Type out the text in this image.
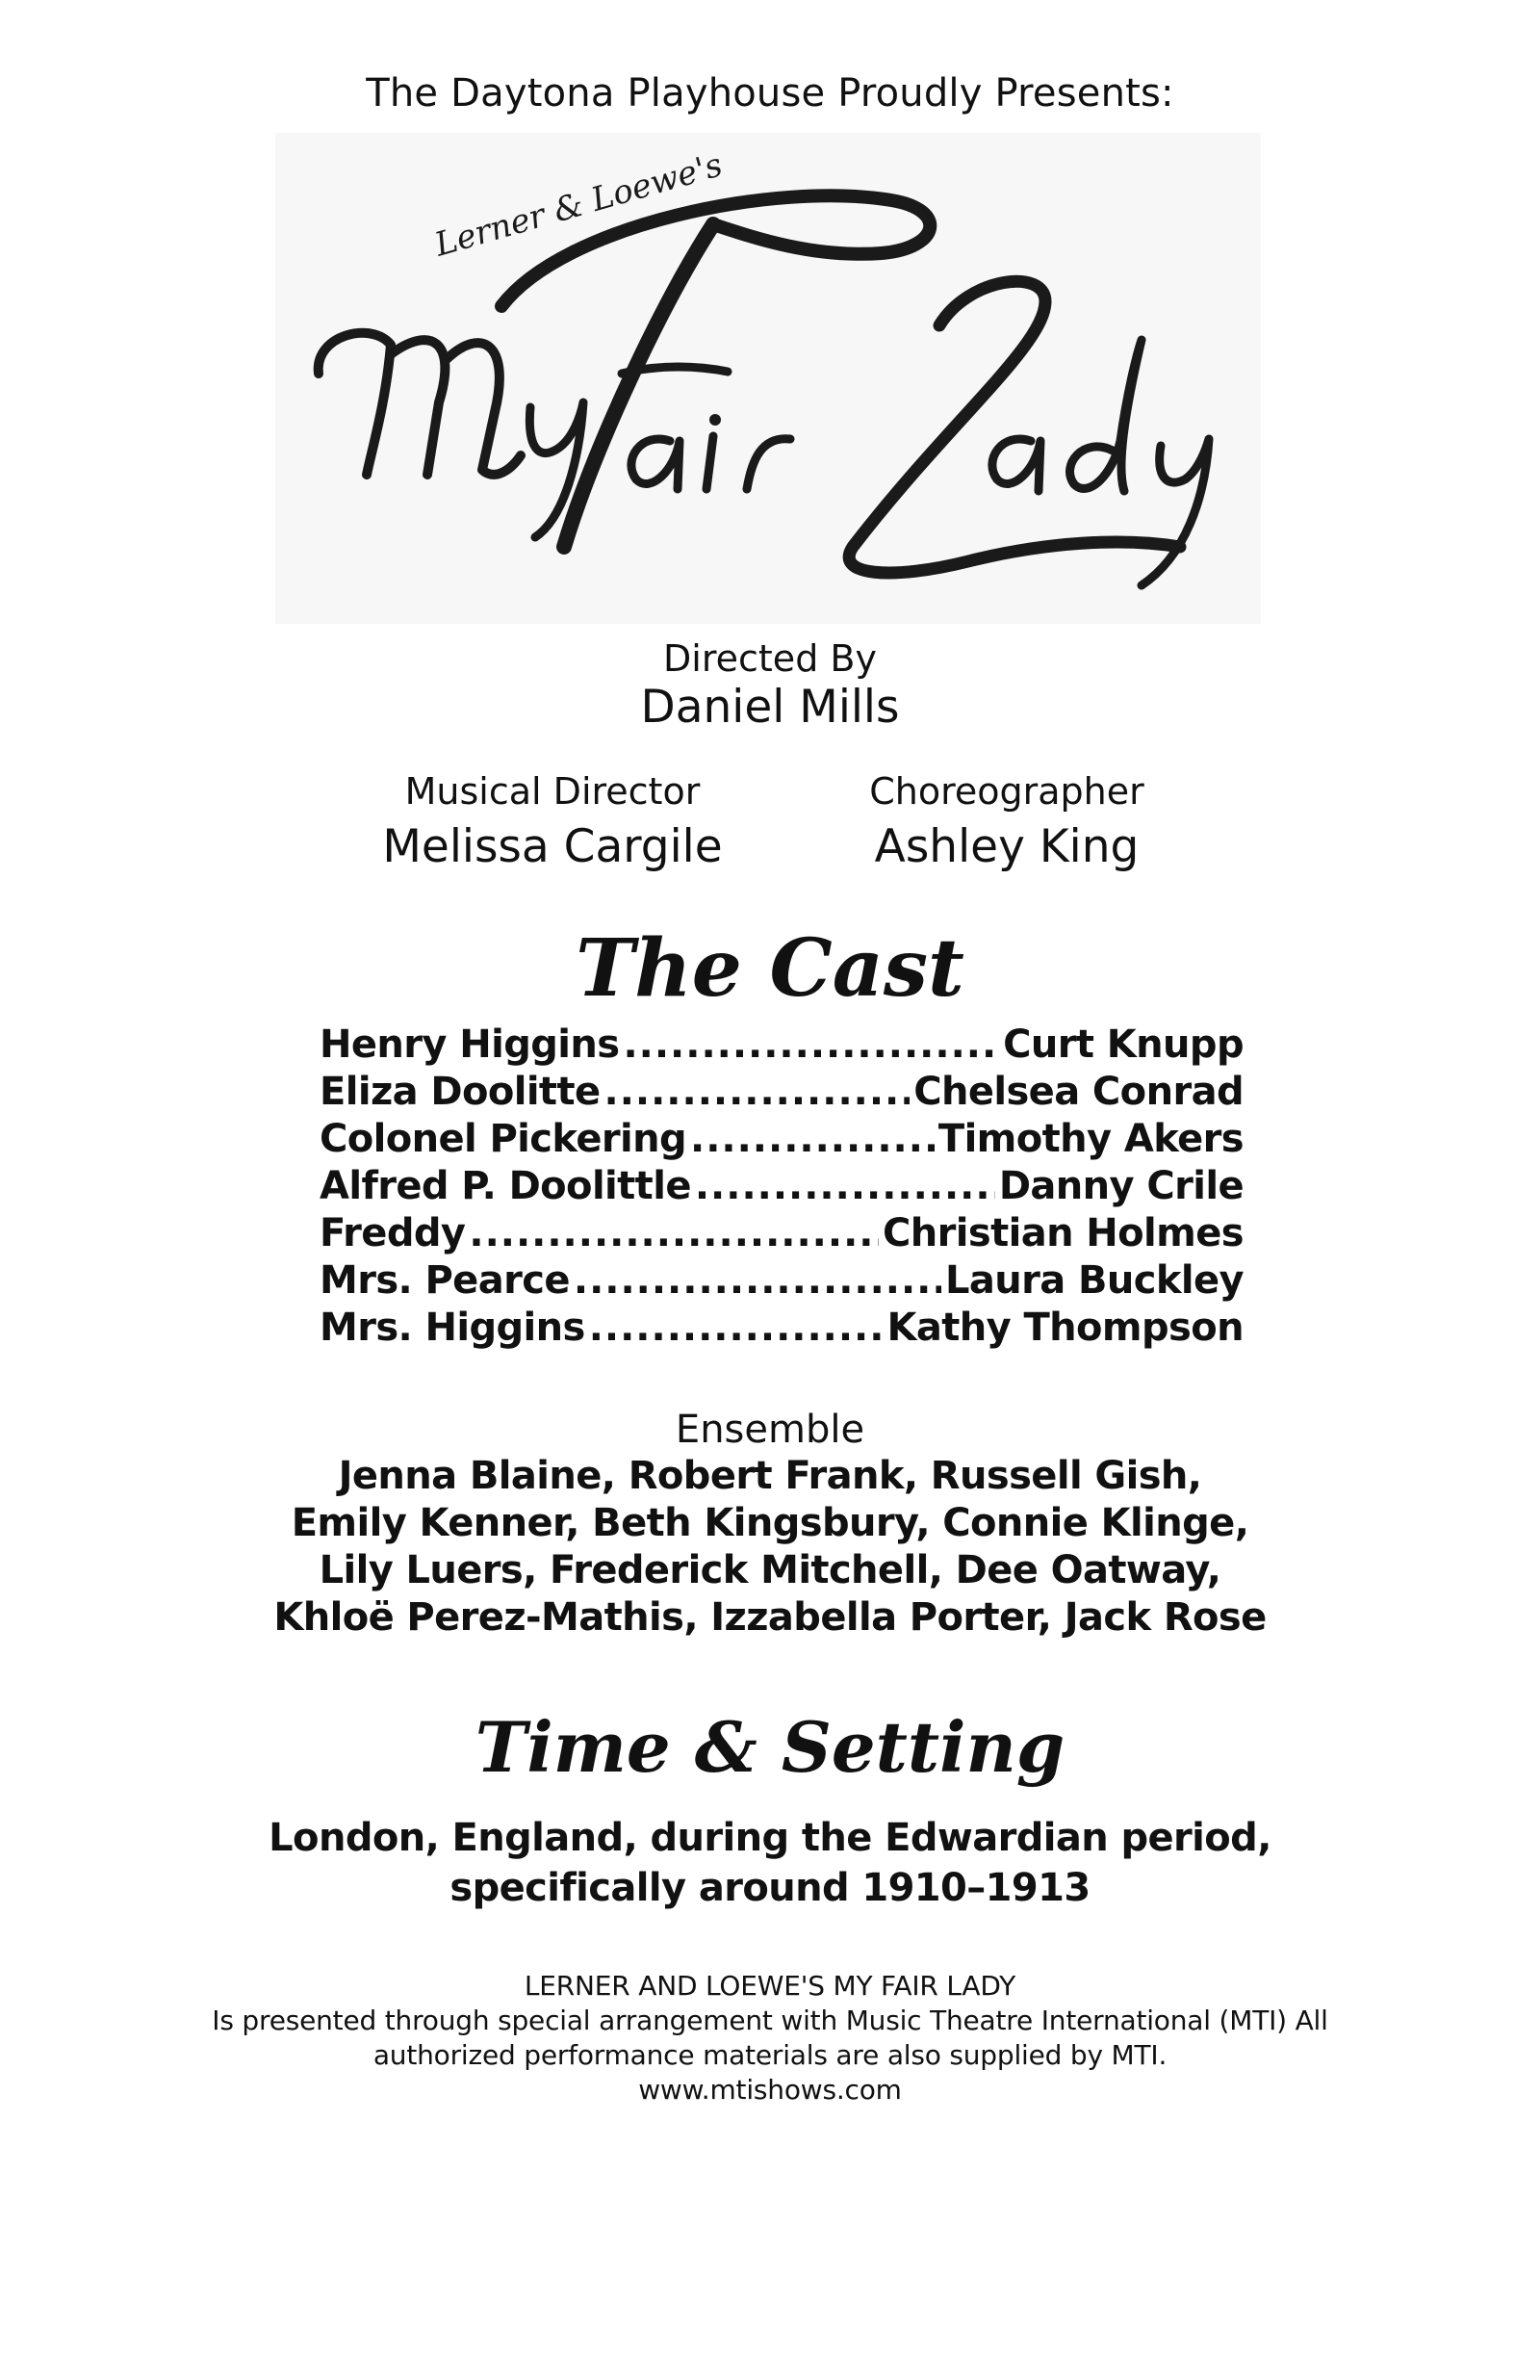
The Daytona Playhouse Proudly Presents:
Lerner & Loewe's
Directed By
Daniel Mills
Musical Director
Melissa Cargile
Choreographer
Ashley King
The Cast
Henry Higgins .....	Curt Knupp
Eliza Doolitte .....	Chelsea Conrad
Colonel Pickering .....	Timothy Akers
Alfred P. Doolittle .....	Danny Crile
Freddy .....	Christian Holmes
Mrs. Pearce .....	Laura Buckley
Mrs. Higgins .....	Kathy Thompson
Ensemble
Jenna Blaine, Robert Frank, Russell Gish,
Emily Kenner, Beth Kingsbury, Connie Klinge,
Lily Luers, Frederick Mitchell, Dee Oatway,
Khloë Perez-Mathis, Izzabella Porter, Jack Rose
Time & Setting
London, England, during the Edwardian period,
specifically around 1910–1913
LERNER AND LOEWE'S MY FAIR LADY
Is presented through special arrangement with Music Theatre International (MTI) All
authorized performance materials are also supplied by MTI.
www.mtishows.com
